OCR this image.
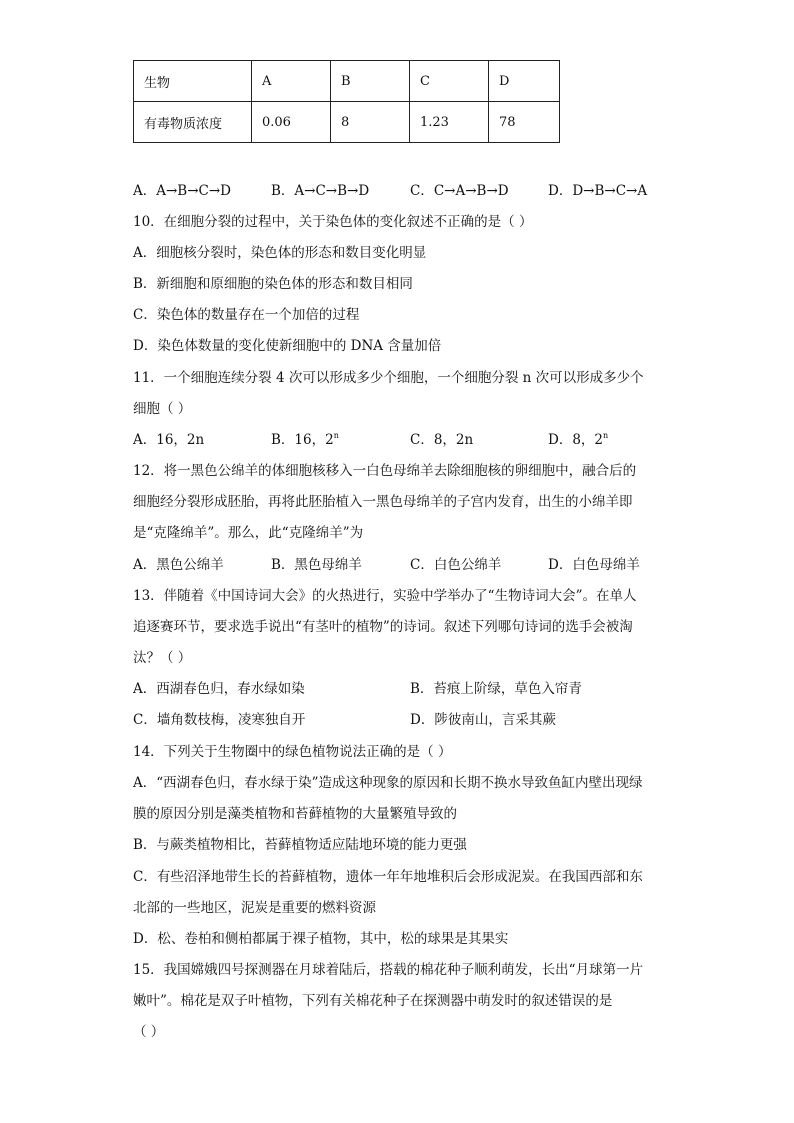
生物	A	B	C	D
有毒物质浓度	0.06	8	1.23	78
A．A→B→C→D	B．A→C→B→D	C．C→A→B→D	D．D→B→C→A
10．在细胞分裂的过程中，关于染色体的变化叙述不正确的是（ ）
A．细胞核分裂时，染色体的形态和数目变化明显
B．新细胞和原细胞的染色体的形态和数目相同
C．染色体的数量存在一个加倍的过程
D．染色体数量的变化使新细胞中的 DNA 含量加倍
11．一个细胞连续分裂 4 次可以形成多少个细胞，一个细胞分裂 n 次可以形成多少个
细胞（ ）
A．16，2n	B．16，2$^n$	C．8，2n	D．8，2$^n$
12．将一黑色公绵羊的体细胞核移入一白色母绵羊去除细胞核的卵细胞中，融合后的
细胞经分裂形成胚胎，再将此胚胎植入一黑色母绵羊的子宫内发育，出生的小绵羊即
是“克隆绵羊”。那么，此“克隆绵羊”为
A．黑色公绵羊	B．黑色母绵羊	C．白色公绵羊	D．白色母绵羊
13．伴随着《中国诗词大会》的火热进行，实验中学举办了“生物诗词大会”。在单人
追逐赛环节，要求选手说出“有茎叶的植物”的诗词。叙述下列哪句诗词的选手会被淘
汰？（ ）
A．西湖春色归，春水绿如染	B．苔痕上阶绿，草色入帘青
C．墙角数枝梅，凌寒独自开	D．陟彼南山，言采其蕨
14．下列关于生物圈中的绿色植物说法正确的是（ ）
A．“西湖春色归，春水绿于染”造成这种现象的原因和长期不换水导致鱼缸内壁出现绿
膜的原因分别是藻类植物和苔藓植物的大量繁殖导致的
B．与蕨类植物相比，苔藓植物适应陆地环境的能力更强
C．有些沼泽地带生长的苔藓植物，遗体一年年地堆积后会形成泥炭。在我国西部和东
北部的一些地区，泥炭是重要的燃料资源
D．松、卷柏和侧柏都属于裸子植物，其中，松的球果是其果实
15．我国嫦娥四号探测器在月球着陆后，搭载的棉花种子顺利萌发，长出“月球第一片
嫩叶”。棉花是双子叶植物，下列有关棉花种子在探测器中萌发时的叙述错误的是
（ ）
